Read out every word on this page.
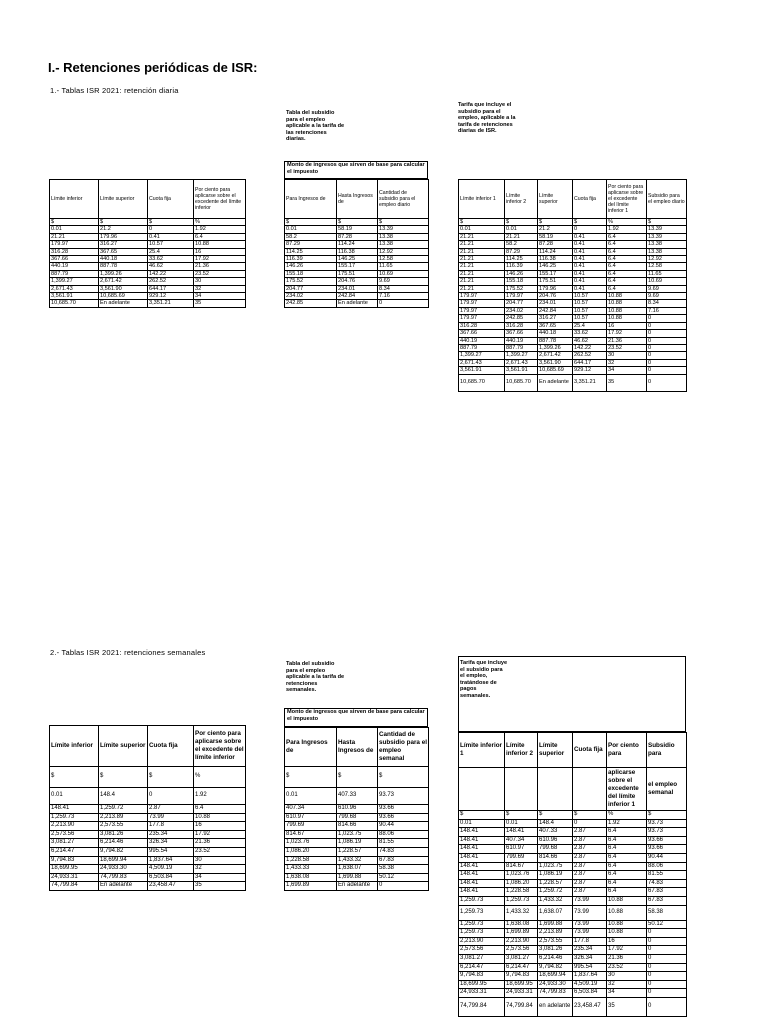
I.- Retenciones periódicas de ISR:
1.- Tablas ISR 2021: retención diaria
2.- Tablas ISR 2021: retenciones semanales
Tabla del subsidio para el empleo aplicable a la tarifa de las retenciones diarias.
Tarifa que incluye el subsidio para el empleo, aplicable a la tarifa de retenciones diarias de ISR.
Monto de ingresos que sirven de base para calcular el impuesto
Límite inferior	Límite superior	Cuota fija	Por ciento para aplicarse sobre el excedente del límite inferior
$	$	$	%
0.01	21.2	0	1.92
21.21	179.96	0.41	6.4
179.97	316.27	10.57	10.88
316.28	367.65	25.4	16
367.66	440.18	33.62	17.92
440.19	887.78	46.62	21.36
887.79	1,399.26	142.22	23.52
1,399.27	2,671.42	262.52	30
2,671.43	3,561.90	644.17	32
3,561.91	10,685.69	929.12	34
10,685.70	En adelante	3,351.21	35
Para Ingresos de	Hasta Ingresos de	Cantidad de subsidio para el empleo diario
$	$	$
0.01	58.19	13.39
58.2	87.28	13.38
87.29	114.24	13.38
114.25	116.38	12.92
116.39	146.25	12.58
146.26	155.17	11.65
155.18	175.51	10.69
175.52	204.76	9.69
204.77	234.01	8.34
234.02	242.84	7.16
242.85	En adelante	0
Límite inferior 1	Límite inferior 2	Límite superior	Cuota fija	Por ciento para aplicarse sobre el excedente del límite inferior 1	Subsidio para el empleo diario
$	$	$	$	%	$
0.01	0.01	21.2	0	1.92	13.39
21.21	21.21	58.19	0.41	6.4	13.39
21.21	58.2	87.28	0.41	6.4	13.38
21.21	87.29	114.24	0.41	6.4	13.38
21.21	114.25	116.38	0.41	6.4	12.92
21.21	116.39	146.25	0.41	6.4	12.58
21.21	146.26	155.17	0.41	6.4	11.65
21.21	155.18	175.51	0.41	6.4	10.69
21.21	175.52	179.96	0.41	6.4	9.69
179.97	179.97	204.76	10.57	10.88	9.69
179.97	204.77	234.01	10.57	10.88	8.34
179.97	234.02	242.84	10.57	10.88	7.16
179.97	242.85	316.27	10.57	10.88	0
316.28	316.28	367.65	25.4	16	0
367.66	367.66	440.18	33.62	17.92	0
440.19	440.19	887.78	46.62	21.36	0
887.79	887.79	1,399.26	142.22	23.52	0
1,399.27	1,399.27	2,671.42	262.52	30	0
2,671.43	2,671.43	3,561.90	644.17	32	0
3,561.91	3,561.91	10,685.69	929.12	34	0
10,685.70	10,685.70	En adelante	3,351.21	35	0
Tabla del subsidio para el empleo aplicable a la tarifa de retenciones semanales.
Tarifa que incluye el subsidio para el empleo, tratándose de pagos semanales.
Monto de ingresos que sirven de base para calcular el impuesto
Límite inferior	Límite superior	Cuota fija	Por ciento para aplicarse sobre el excedente del límite inferior
$	$	$	%
0.01	148.4	0	1.92
148.41	1,259.72	2.87	6.4
1,259.73	2,213.89	73.99	10.88
2,213.90	2,573.55	177.8	16
2,573.56	3,081.26	235.34	17.92
3,081.27	6,214.46	326.34	21.36
6,214.47	9,794.82	995.54	23.52
9,794.83	18,699.94	1,837.64	30
18,699.95	24,933.30	4,509.19	32
24,933.31	74,799.83	6,503.84	34
74,799.84	En adelante	23,458.47	35
Para Ingresos de	Hasta Ingresos de	Cantidad de subsidio para el empleo semanal
$	$	$
0.01	407.33	93.73
407.34	610.96	93.66
610.97	799.68	93.66
799.69	814.66	90.44
814.67	1,023.75	88.06
1,023.76	1,086.19	81.55
1,086.20	1,228.57	74.83
1,228.58	1,433.32	67.83
1,433.33	1,638.07	58.38
1,638.08	1,699.88	50.12
1,699.89	En adelante	0
Límite inferior 1	Límite inferior 2	Límite superior	Cuota fija	Por ciento para	Subsidio para
				aplicarse sobre el excedente del límite inferior 1	el empleo semanal
$	$	$	$	%	$
0.01	0.01	148.4	0	1.92	93.73
148.41	148.41	407.33	2.87	6.4	93.73
148.41	407.34	610.96	2.87	6.4	93.66
148.41	610.97	799.68	2.87	6.4	93.66
148.41	799.69	814.66	2.87	6.4	90.44
148.41	814.67	1,023.75	2.87	6.4	88.06
148.41	1,023.76	1,086.19	2.87	6.4	81.55
148.41	1,086.20	1,228.57	2.87	6.4	74.83
148.41	1,228.58	1,259.72	2.87	6.4	67.83
1,259.73	1,259.73	1,433.32	73.99	10.88	67.83
1,259.73	1,433.32	1,638.07	73.99	10.88	58.38
1,259.73	1,638.08	1,699.88	73.99	10.88	50.12
1,259.73	1,699.89	2,213.89	73.99	10.88	0
2,213.90	2,213.90	2,573.55	177.8	16	0
2,573.56	2,573.56	3,081.26	235.34	17.92	0
3,081.27	3,081.27	6,214.46	326.34	21.36	0
6,214.47	6,214.47	9,794.82	995.54	23.52	0
9,794.83	9,794.83	18,699.94	1,837.64	30	0
18,699.95	18,699.95	24,933.30	4,509.19	32	0
24,933.31	24,933.31	74,799.83	6,503.84	34	0
74,799.84	74,799.84	en adelante	23,458.47	35	0
